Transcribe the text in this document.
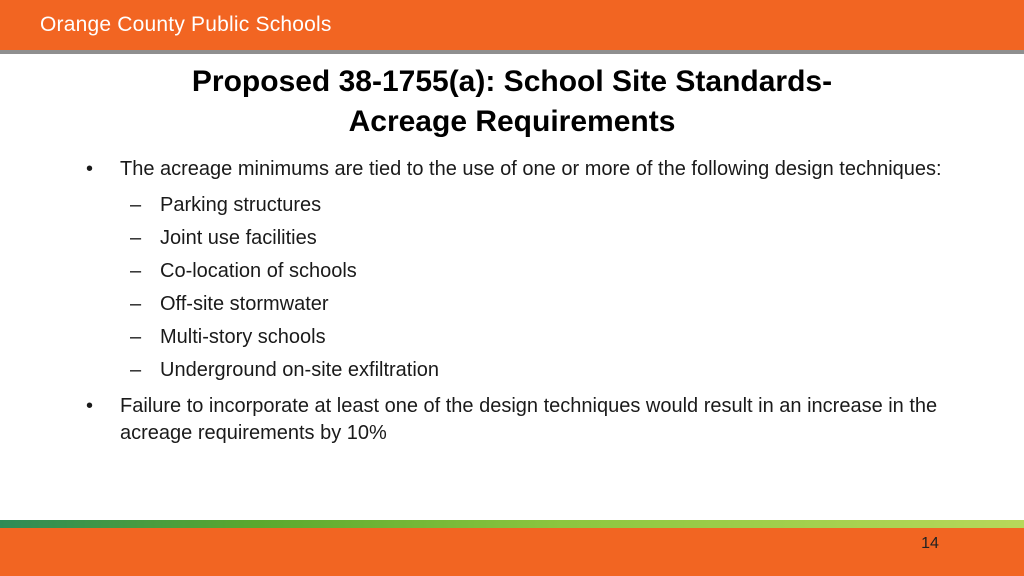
Orange County Public Schools
Proposed 38-1755(a): School Site Standards-
Acreage Requirements
•	The acreage minimums are tied to the use of one or more of the following design techniques:
– Parking structures
– Joint use facilities
– Co-location of schools
– Off-site stormwater
– Multi-story schools
– Underground on-site exfiltration
•	Failure to incorporate at least one of the design techniques would result in an increase in the acreage requirements by 10%
14
